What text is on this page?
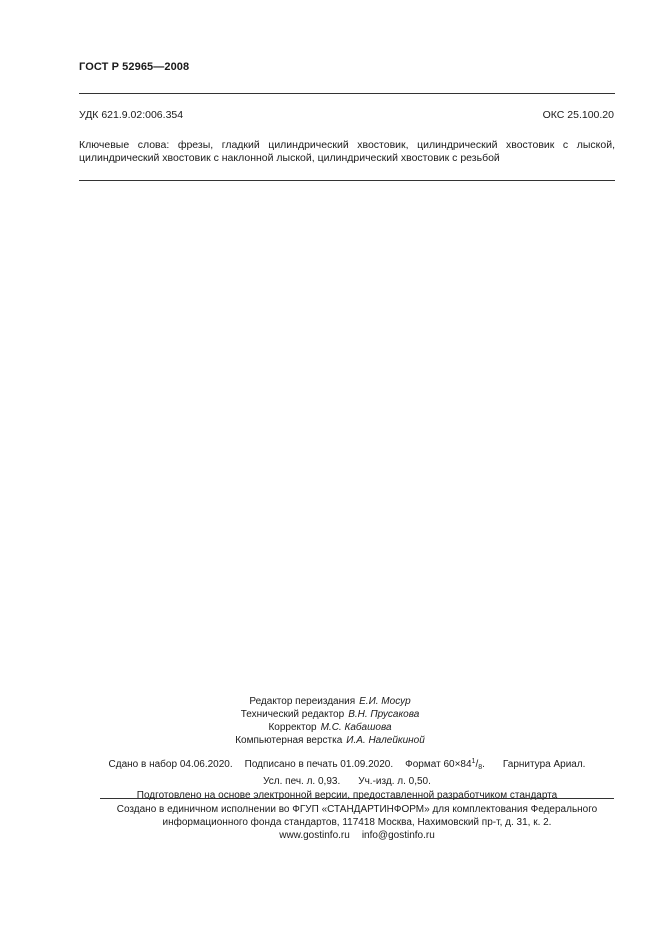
ГОСТ Р 52965—2008
УДК 621.9.02:006.354	ОКС 25.100.20
Ключевые слова: фрезы, гладкий цилиндрический хвостовик, цилиндрический хвостовик с лыской,
цилиндрический хвостовик с наклонной лыской, цилиндрический хвостовик с резьбой
Редактор переиздания Е.И. Мосур
Технический редактор В.Н. Прусакова
Корректор М.С. Кабашова
Компьютерная верстка И.А. Налейкиной
Сдано в набор 04.06.2020. Подписано в печать 01.09.2020. Формат $60\times 84^1/_8$. Гарнитура Ариал.
Усл. печ. л. 0,93. Уч.-изд. л. 0,50.
Подготовлено на основе электронной версии, предоставленной разработчиком стандарта
Создано в единичном исполнении во ФГУП «СТАНДАРТИНФОРМ» для комплектования Федерального
информационного фонда стандартов, 117418 Москва, Нахимовский пр-т, д. 31, к. 2.
www.gostinfo.ru info@gostinfo.ru
